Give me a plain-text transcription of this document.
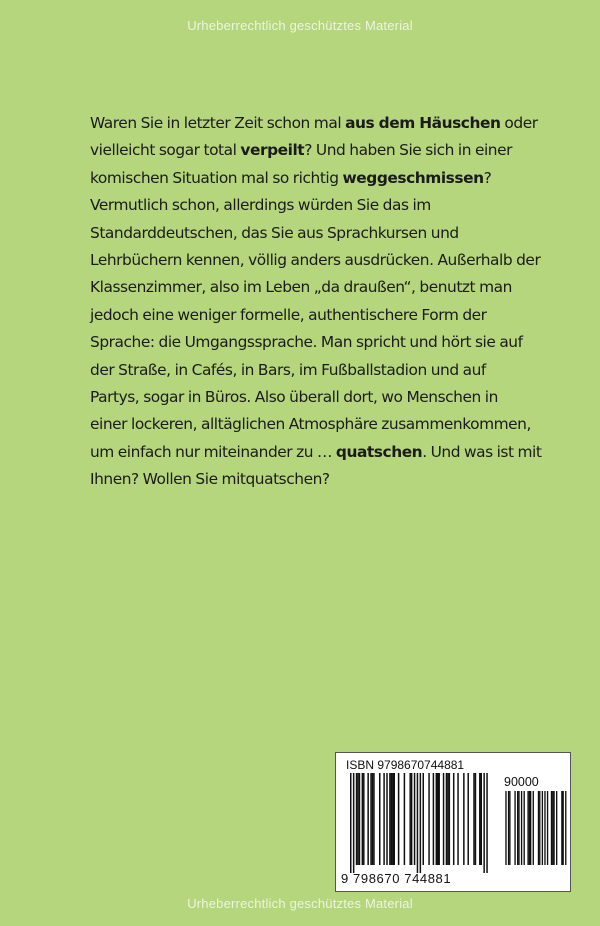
Urheberrechtlich geschütztes Material
Waren Sie in letzter Zeit schon mal aus dem Häuschen oder
vielleicht sogar total verpeilt? Und haben Sie sich in einer
komischen Situation mal so richtig weggeschmissen?
Vermutlich schon, allerdings würden Sie das im
Standarddeutschen, das Sie aus Sprachkursen und
Lehrbüchern kennen, völlig anders ausdrücken. Außerhalb der
Klassenzimmer, also im Leben „da draußen“, benutzt man
jedoch eine weniger formelle, authentischere Form der
Sprache: die Umgangssprache. Man spricht und hört sie auf
der Straße, in Cafés, in Bars, im Fußballstadion und auf
Partys, sogar in Büros. Also überall dort, wo Menschen in
einer lockeren, alltäglichen Atmosphäre zusammenkommen,
um einfach nur miteinander zu … quatschen. Und was ist mit
Ihnen? Wollen Sie mitquatschen?
ISBN 9798670744881
90000
9 798670 744881
Urheberrechtlich geschütztes Material
